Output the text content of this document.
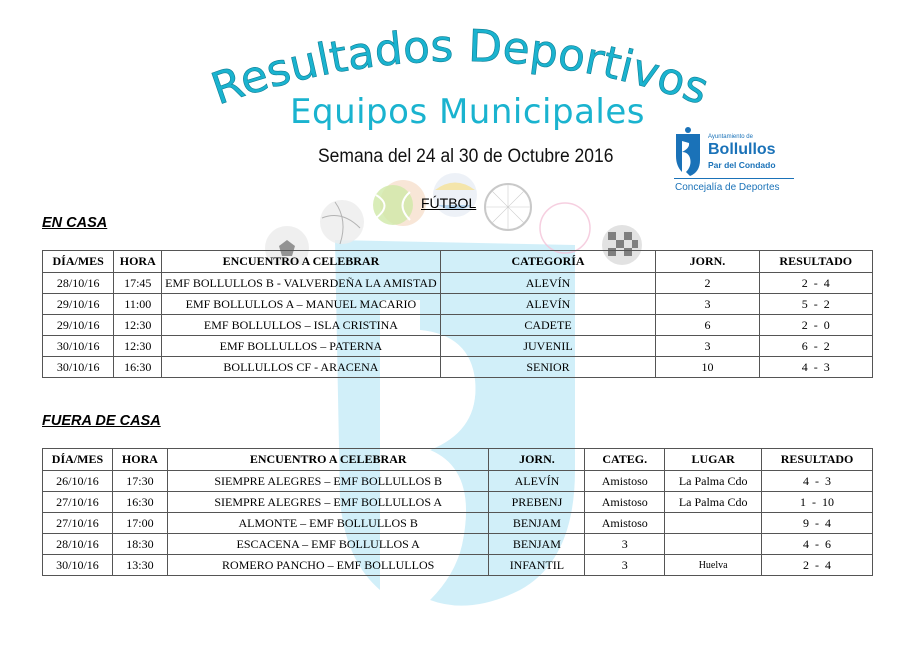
Resultados Deportivos
Equipos Municipales
Semana del 24 al 30 de Octubre 2016
Ayuntamiento de
Bollullos
Par del Condado
Concejalía de Deportes
FÚTBOL
EN CASA
DÍA/MES	HORA	ENCUENTRO A CELEBRAR	CATEGORÍA	JORN.	RESULTADO
28/10/16	17:45	EMF BOLLULLOS B - VALVERDEÑA LA AMISTAD	ALEVÍN	2	2  -  4
29/10/16	11:00	EMF BOLLULLOS A – MANUEL MACARIO	ALEVÍN	3	5  -  2
29/10/16	12:30	EMF BOLLULLOS – ISLA CRISTINA	CADETE	6	2  -  0
30/10/16	12:30	EMF BOLLULLOS – PATERNA	JUVENIL	3	6  -  2
30/10/16	16:30	BOLLULLOS CF - ARACENA	SENIOR	10	4  -  3
FUERA DE CASA
DÍA/MES	HORA	ENCUENTRO A CELEBRAR	JORN.	CATEG.	LUGAR	RESULTADO
26/10/16	17:30	SIEMPRE ALEGRES – EMF BOLLULLOS B	ALEVÍN	Amistoso	La Palma Cdo	4  -  3
27/10/16	16:30	SIEMPRE ALEGRES – EMF BOLLULLOS A	PREBENJ	Amistoso	La Palma Cdo	1  -  10
27/10/16	17:00	ALMONTE – EMF BOLLULLOS B	BENJAM	Amistoso		9  -  4
28/10/16	18:30	ESCACENA – EMF BOLLULLOS A	BENJAM	3		4  -  6
30/10/16	13:30	ROMERO PANCHO – EMF BOLLULLOS	INFANTIL	3	Huelva	2  -  4
